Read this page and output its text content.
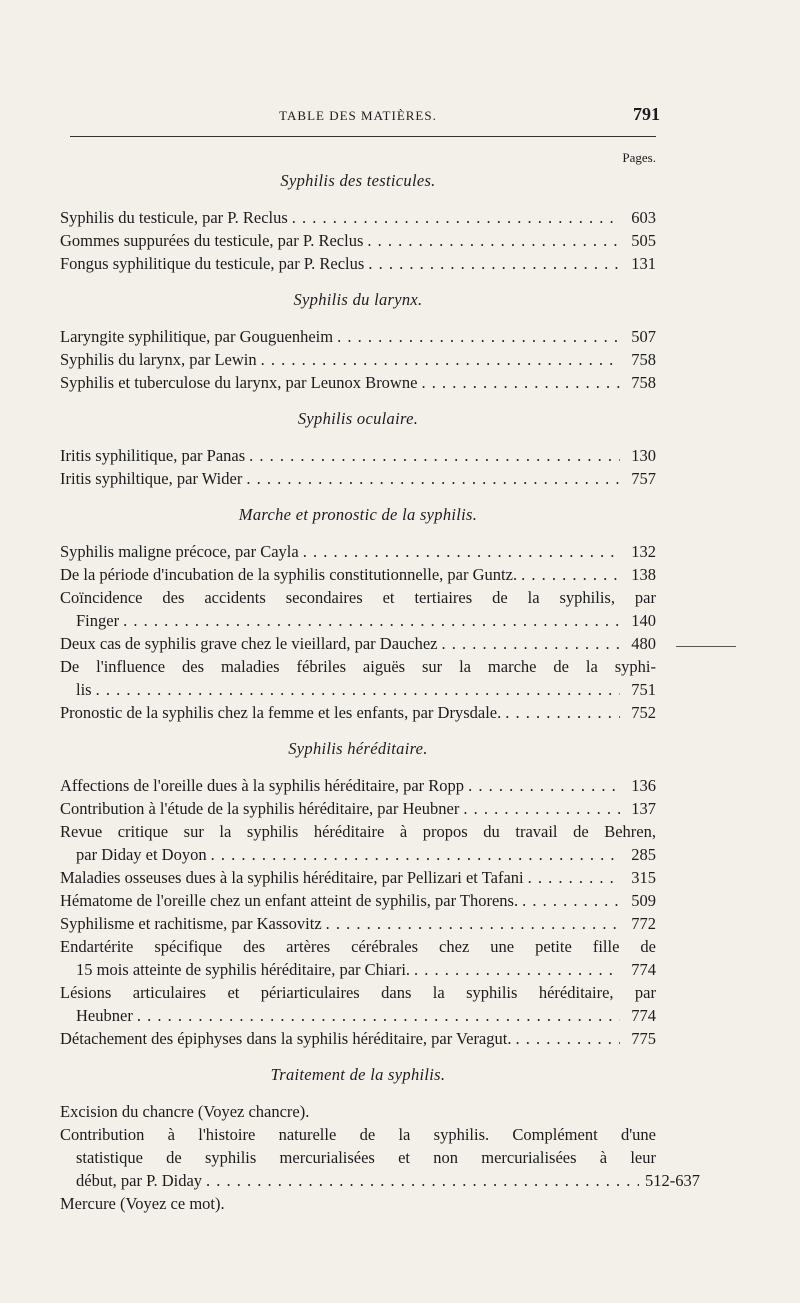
TABLE DES MATIÈRES.	791
Pages.
Syphilis des testicules.
Syphilis du testicule, par P. Reclus . . .	603
Gommes suppurées du testicule, par P. Reclus . . .	505
Fongus syphilitique du testicule, par P. Reclus . . .	131
Syphilis du larynx.
Laryngite syphilitique, par Gouguenheim . . .	507
Syphilis du larynx, par Lewin . . .	758
Syphilis et tuberculose du larynx, par Leunox Browne . . .	758
Syphilis oculaire.
Iritis syphilitique, par Panas . . .	130
Iritis syphiltique, par Wider . . .	757
Marche et pronostic de la syphilis.
Syphilis maligne précoce, par Cayla . . .	132
De la période d'incubation de la syphilis constitutionnelle, par Guntz. . . .	138
Coïncidence des accidents secondaires et tertiaires de la syphilis, par
Finger . . .	140
Deux cas de syphilis grave chez le vieillard, par Dauchez . . .	480
De l'influence des maladies fébriles aiguës sur la marche de la syphi-
lis . . .	751
Pronostic de la syphilis chez la femme et les enfants, par Drysdale. . . .	752
Syphilis héréditaire.
Affections de l'oreille dues à la syphilis héréditaire, par Ropp . . .	136
Contribution à l'étude de la syphilis héréditaire, par Heubner . . .	137
Revue critique sur la syphilis héréditaire à propos du travail de Behren,
par Diday et Doyon . . .	285
Maladies osseuses dues à la syphilis héréditaire, par Pellizari et Tafani . . .	315
Hématome de l'oreille chez un enfant atteint de syphilis, par Thorens. . . .	509
Syphilisme et rachitisme, par Kassovitz . . .	772
Endartérite spécifique des artères cérébrales chez une petite fille de
15 mois atteinte de syphilis héréditaire, par Chiari. . . .	774
Lésions articulaires et périarticulaires dans la syphilis héréditaire, par
Heubner . . .	774
Détachement des épiphyses dans la syphilis héréditaire, par Veragut. . . .	775
Traitement de la syphilis.
Excision du chancre (Voyez chancre).
Contribution à l'histoire naturelle de la syphilis. Complément d'une
statistique de syphilis mercurialisées et non mercurialisées à leur
début, par P. Diday . . .	512-637
Mercure (Voyez ce mot).
